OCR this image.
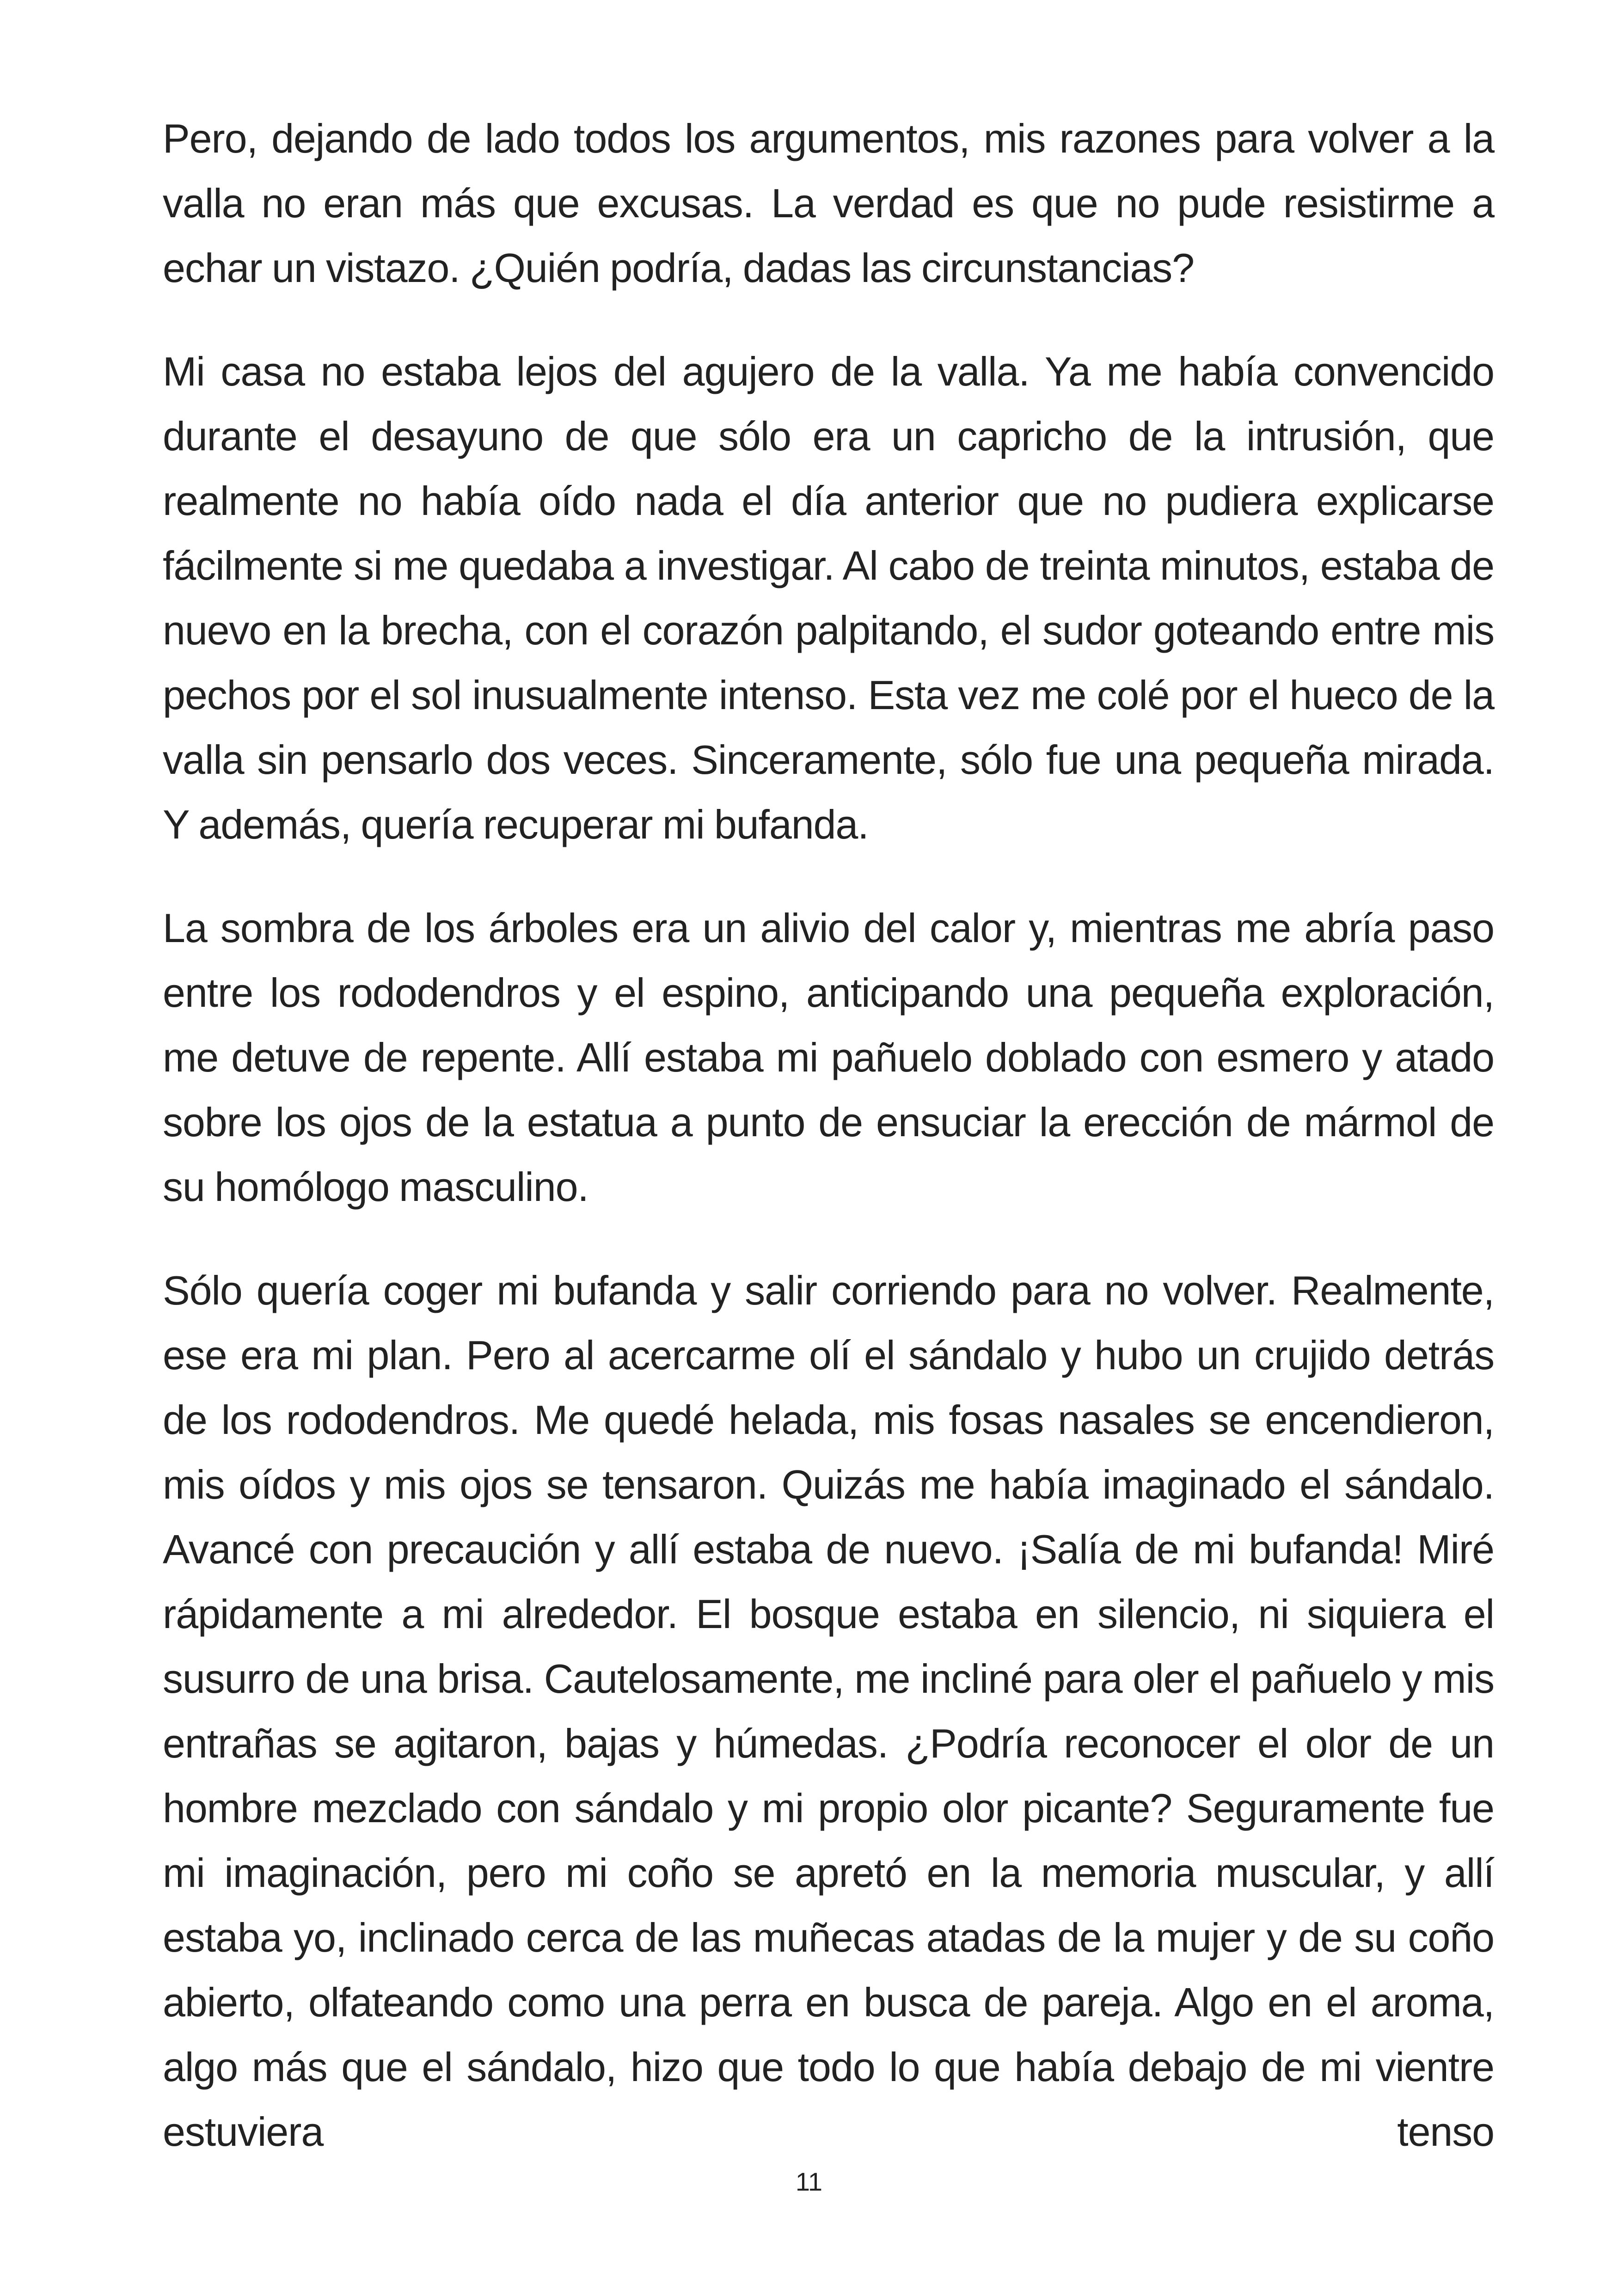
Pero, dejando de lado todos los argumentos, mis razones para volver a la valla no eran más que excusas. La verdad es que no pude resistirme a echar un vistazo. ¿Quién podría, dadas las circunstancias?

Mi casa no estaba lejos del agujero de la valla. Ya me había convencido durante el desayuno de que sólo era un capricho de la intrusión, que realmente no había oído nada el día anterior que no pudiera explicarse fácilmente si me quedaba a investigar. Al cabo de treinta minutos, estaba de nuevo en la brecha, con el corazón palpitando, el sudor goteando entre mis pechos por el sol inusualmente intenso. Esta vez me colé por el hueco de la valla sin pensarlo dos veces. Sinceramente, sólo fue una pequeña mirada. Y además, quería recuperar mi bufanda.

La sombra de los árboles era un alivio del calor y, mientras me abría paso entre los rododendros y el espino, anticipando una pequeña exploración, me detuve de repente. Allí estaba mi pañuelo doblado con esmero y atado sobre los ojos de la estatua a punto de ensuciar la erección de mármol de su homólogo masculino.

Sólo quería coger mi bufanda y salir corriendo para no volver. Realmente, ese era mi plan. Pero al acercarme olí el sándalo y hubo un crujido detrás de los rododendros. Me quedé helada, mis fosas nasales se encendieron, mis oídos y mis ojos se tensaron. Quizás me había imaginado el sándalo. Avancé con precaución y allí estaba de nuevo. ¡Salía de mi bufanda! Miré rápidamente a mi alrededor. El bosque estaba en silencio, ni siquiera el susurro de una brisa. Cautelosamente, me incliné para oler el pañuelo y mis entrañas se agitaron, bajas y húmedas. ¿Podría reconocer el olor de un hombre mezclado con sándalo y mi propio olor picante? Seguramente fue mi imaginación, pero mi coño se apretó en la memoria muscular, y allí estaba yo, inclinado cerca de las muñecas atadas de la mujer y de su coño abierto, olfateando como una perra en busca de pareja. Algo en el aroma, algo más que el sándalo, hizo que todo lo que había debajo de mi vientre estuviera tenso

11
